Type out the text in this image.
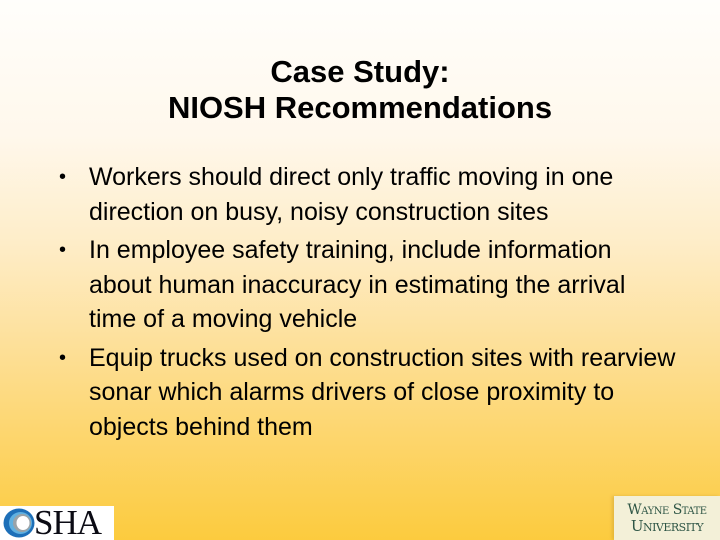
Case Study:
NIOSH Recommendations
• Workers should direct only traffic moving in one direction on busy, noisy construction sites
• In employee safety training, include information about human inaccuracy in estimating the arrival time of a moving vehicle
• Equip trucks used on construction sites with rearview sonar which alarms drivers of close proximity to objects behind them
SHA	Wayne State
University
